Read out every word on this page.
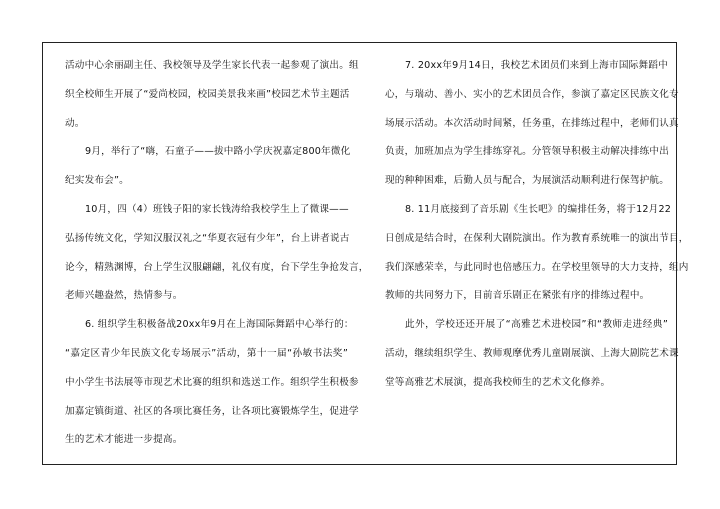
活动中心余丽副主任、我校领导及学生家长代表一起参观了演出。组
织全校师生开展了“爱尚校园，校园美景我来画”校园艺术节主题活
动。
9月，举行了“嗨，石童子——拔中路小学庆祝嘉定800年微化
纪实发布会”。
10月，四（4）班钱子阳的家长钱涛给我校学生上了微课——
弘扬传统文化，学知汉服汉礼之“华夏衣冠有少年”，台上讲者说古
论今，精熟渊博，台上学生汉服翩翩，礼仪有度，台下学生争抢发言，
老师兴趣盎然，热情参与。
6. 组织学生积极备战20xx年9月在上海国际舞蹈中心举行的：
“嘉定区青少年民族文化专场展示”活动，第十一届“孙敏书法奖”
中小学生书法展等市现艺术比赛的组织和选送工作。组织学生积极参
加嘉定镇街道、社区的各项比赛任务，让各项比赛锻炼学生，促进学
生的艺术才能进一步提高。
7. 20xx年9月14日，我校艺术团员们来到上海市国际舞蹈中
心，与瑞动、善小、实小的艺术团员合作，参演了嘉定区民族文化专
场展示活动。本次活动时间紧，任务重，在排练过程中，老师们认真
负责，加班加点为学生排练穿礼。分管领导积极主动解决排练中出
现的种种困难，后勤人员与配合，为展演活动顺利进行保驾护航。
8. 11月底接到了音乐剧《生长吧》的编排任务，将于12月22
日创成是结合时，在保利大剧院演出。作为教育系统唯一的演出节目，
我们深感荣幸，与此同时也倍感压力。在学校里领导的大力支持，组内
教师的共同努力下，目前音乐剧正在紧张有序的排练过程中。
此外，学校还还开展了“高雅艺术进校园”和“教师走进经典”
活动，继续组织学生、教师观摩优秀儿童剧展演、上海大剧院艺术课
堂等高雅艺术展演，提高我校师生的艺术文化修养。
